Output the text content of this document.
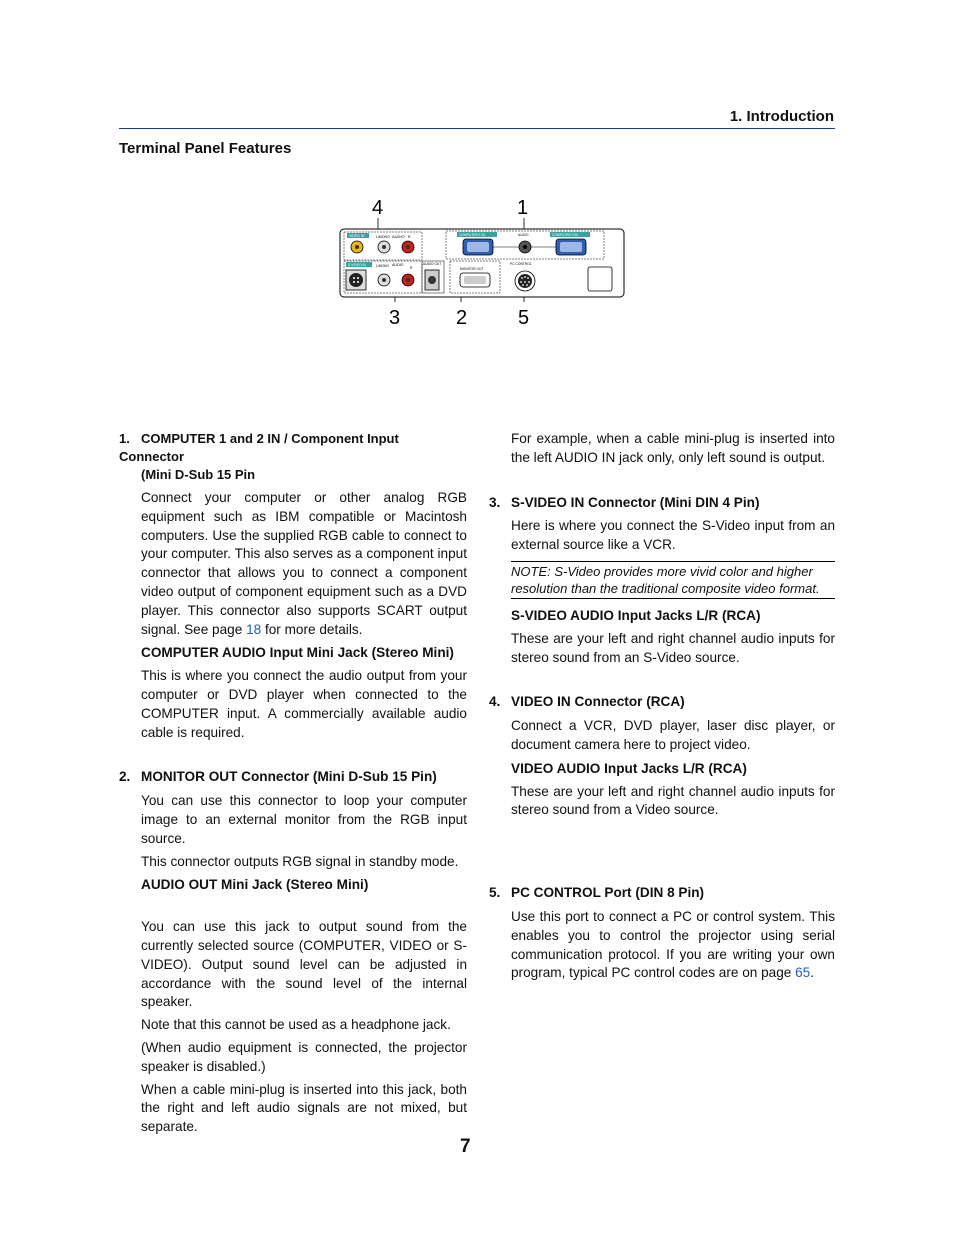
1. Introduction
Terminal Panel Features
4	1
3	2	5
VIDEO IN	L/MONO AUDIO R	COMPUTER 1 IN	AUDIO	COMPUTER 2 IN
S-VIDEO IN	L/MONO AUDIO
R
AUDIO OUT
MONITOR OUT
PC CONTROL
1. COMPUTER 1 and 2 IN / Component Input Connector
(Mini D-Sub 15 Pin

Connect your computer or other analog RGB equipment such as IBM compatible or Macintosh computers. Use the supplied RGB cable to connect to your computer. This also serves as a component input connector that allows you to connect a component video output of component equipment such as a DVD player. This connector also supports SCART output signal. See page 18 for more details.

COMPUTER AUDIO Input Mini Jack (Stereo Mini)

This is where you connect the audio output from your computer or DVD player when connected to the COMPUTER input. A commercially available audio cable is required.

2. MONITOR OUT Connector (Mini D-Sub 15 Pin)

You can use this connector to loop your computer image to an external monitor from the RGB input source.

This connector outputs RGB signal in standby mode.

AUDIO OUT Mini Jack (Stereo Mini)

You can use this jack to output sound from the currently selected source (COMPUTER, VIDEO or S-VIDEO). Output sound level can be adjusted in accordance with the sound level of the internal speaker.

Note that this cannot be used as a headphone jack.

(When audio equipment is connected, the projector speaker is disabled.)

When a cable mini-plug is inserted into this jack, both the right and left audio signals are not mixed, but separate.

For example, when a cable mini-plug is inserted into the left AUDIO IN jack only, only left sound is output.

3. S-VIDEO IN Connector (Mini DIN 4 Pin)

Here is where you connect the S-Video input from an external source like a VCR.

NOTE: S-Video provides more vivid color and higher resolution than the traditional composite video format.
S-VIDEO AUDIO Input Jacks L/R (RCA)

These are your left and right channel audio inputs for stereo sound from an S-Video source.

4. VIDEO IN Connector (RCA)

Connect a VCR, DVD player, laser disc player, or document camera here to project video.

VIDEO AUDIO Input Jacks L/R (RCA)

These are your left and right channel audio inputs for stereo sound from a Video source.

5. PC CONTROL Port (DIN 8 Pin)

Use this port to connect a PC or control system. This enables you to control the projector using serial communication protocol. If you are writing your own program, typical PC control codes are on page 65.

7
